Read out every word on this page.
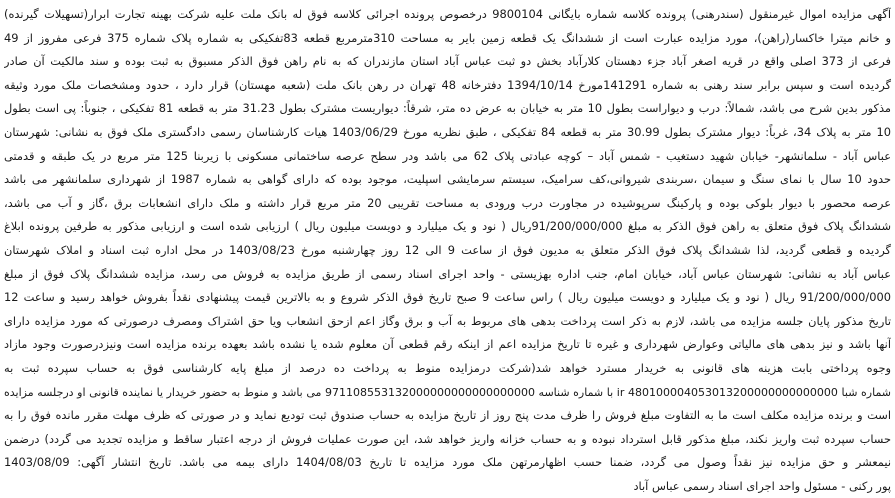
آگهی مزایده اموال غیرمنقول (سندرهنی) پرونده کلاسه شماره بایگانی 9800104 درخصوص پرونده اجرائی کلاسه فوق له بانک ملت علیه شرکت بهینه تجارت ابرار(تسهیلات گیرنده)
و خانم میترا خاکسار(راهن)، مورد مزایده عبارت است از ششدانگ یک قطعه زمین بایر به مساحت 310مترمربع قطعه 83تفکیکی به شماره پلاک شماره 375 فرعی مفروز از 49
فرعی از 373 اصلی واقع در قریه اصغر آباد جزء دهستان کلارآباد بخش دو ثبت عباس آباد استان مازندران که به نام راهن فوق الذکر مسبوق به ثبت بوده و سند مالکیت آن صادر
گردیده است و سپس برابر سند رهنی به شماره 141291مورخ 1394/10/14 دفترخانه 48 تهران در رهن بانک ملت (شعبه مهستان) قرار دارد ، حدود ومشخصات ملک مورد وثیقه
مذکور بدین شرح می باشد، شمالاً: درب و دیواراست بطول 10 متر به خیابان به عرض ده متر، شرقاً: دیواریست مشترک بطول 31.23 متر به قطعه 81 تفکیکی ، جنوباً: پی است بطول
10 متر به پلاک 34، غرباً: دیوار مشترک بطول 30.99 متر به قطعه 84 تفکیکی ، طبق نظریه مورخ 1403/06/29 هیات کارشناسان رسمی دادگستری ملک فوق به نشانی: شهرستان
عباس آباد - سلمانشهر- خیابان شهید دستغیب - شمس آباد – کوچه عبادتی پلاک 62 می باشد ودر سطح عرصه ساختمانی مسکونی با زیربنا 125 متر مربع در یک طبقه و قدمتی
حدود 10 سال با نمای سنگ و سیمان ،سربندی شیروانی،کف سرامیک، سیستم سرمایشی اسپلیت، موجود بوده که دارای گواهی به شماره 1987 از شهرداری سلمانشهر می باشد
عرصه محصور با دیوار بلوکی بوده و پارکینگ سرپوشیده در مجاورت درب ورودی به مساحت تقریبی 20 متر مربع قرار داشته و ملک دارای انشعابات برق ،گاز و آب می باشد،
ششدانگ پلاک فوق متعلق به راهن فوق الذکر به مبلغ 91/200/000/000ریال ( نود و یک میلیارد و دویست میلیون ریال ) ارزیابی شده است و ارزیابی مذکور به طرفین پرونده ابلاغ
گردیده و قطعی گردید، لذا ششدانگ پلاک فوق الذکر متعلق به مدیون فوق از ساعت 9 الی 12 روز چهارشنبه مورخ 1403/08/23 در محل اداره ثبت اسناد و املاک شهرستان
عباس آباد به نشانی: شهرستان عباس آباد، خیابان امام، جنب اداره بهزیستی - واحد اجرای اسناد رسمی از طریق مزایده به فروش می رسد، مزایده ششدانگ پلاک فوق از مبلغ
91/200/000/000 ریال ( نود و یک میلیارد و دویست میلیون ریال ) راس ساعت 9 صبح تاریخ فوق الذکر شروع و به بالاترین قیمت پیشنهادی نقداً بفروش خواهد رسید و ساعت 12
تاریخ مذکور پایان جلسه مزایده می باشد، لازم به ذکر است پرداخت بدهی های مربوط به آب و برق وگاز اعم ازحق انشعاب ویا حق اشتراک ومصرف درصورتی که مورد مزایده دارای
آنها باشد و نیز بدهی های مالیاتی وعوارض شهرداری و غیره تا تاریخ مزایده اعم از اینکه رقم قطعی آن معلوم شده یا نشده باشد بعهده برنده مزایده است ونیزدرصورت وجود مازاد
وجوه پرداختی بابت هزینه های قانونی به خریدار مسترد خواهد شد(شرکت درمزایده منوط به پرداخت ده درصد از مبلغ پایه کارشناسی فوق به حساب سپرده ثبت به
شماره شبا 480100004053013200000000000000 ir با شماره شناسه 971108553132000000000000000000 می باشد و منوط به حضور خریدار یا نماینده قانونی او درجلسه مزایده
است و برنده مزایده مکلف است ما به التفاوت مبلغ فروش را ظرف مدت پنج روز از تاریخ مزایده به حساب صندوق ثبت تودیع نماید و در صورتی که ظرف مهلت مقرر مانده فوق را به
حساب سپرده ثبت واریز نکند، مبلغ مذکور قابل استرداد نبوده و به حساب خزانه واریز خواهد شد، این صورت عملیات فروش از درجه اعتبار ساقط و مزایده تجدید می گردد) درضمن
نیمعشر و حق مزایده نیز نقداً وصول می گردد، ضمنا حسب اظهارمرتهن ملک مورد مزایده تا تاریخ 1404/08/03 دارای بیمه می باشد. تاریخ انتشار آگهی: 1403/08/09
پور رکنی - مسئول واحد اجرای اسناد رسمی عباس آباد
